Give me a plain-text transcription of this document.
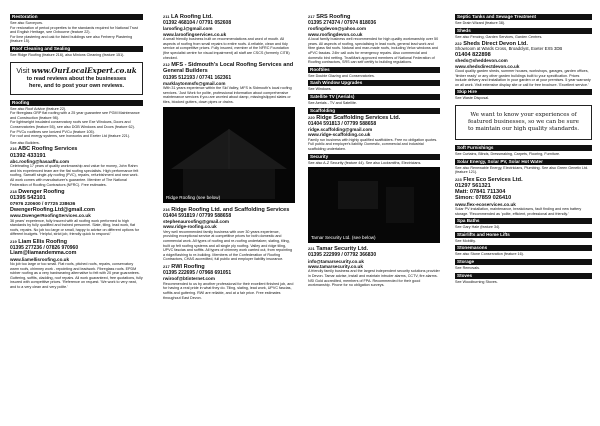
Restoration
See also Surveyors.
For restoration of period properties to the standards required for National Trust and English Heritage, see Oxbourne (feature 22).
For lime plastering and oak for listed buildings see also Ferberry Plastering (feature 15).
Roof Cleaning and Sealing
See Ridge Roofing (feature 216), also Minions Cleaning (feature 151).
Visit www.OurLocalExpert.co.uk
to read reviews about the businesses
here, and to post your own reviews.
Roofing
See also Roof Advice (feature 22).
For fibreglass GRP flat roofing with a 25 year guarantee see PGM Maintenance and Construction (feature 98).
For lightweight insulated conservatory roofs see Exe Windows, Doors and Conservatories (feature 55), see also DGB Windows and Doors (feature 62).
For PVCu rooflines see Ionized PVCu (feature 105).
For roof and energy systems, see Ironworks and Exeter Ltd (feature 221).
See also Builders.
216 ABC Roofing Services
01392 433191
abc.roofing@hasaaffu.com
Celebrating 17 years of quality workmanship and value for money, John Rahm and his experienced team are the flat roofing specialists. High performance felt roofing, Sarnafil single-ply roofing (PVC), repairs, refurbishment and new work. All work comes with manufacturer's guarantee. Member of The National Federation of Roofing Contractors (NFRC). Free estimates.
218 Dwenger Roofing
01395 542101
07976 220600 / 07725 238636
DwengerRoofing.Ltd@gmail.com
www.DwengerRoofingServices.co.uk
36 years' experience, fully insured with all roofing work performed to high standards by fully qualified and trained personnel. Slate, tiling, lead work, flat roofs, repairs. No job too large or small, happy to advise on different options for different budgets. 'Helpful, strict job, friendly quick to respond.'
219 Liam Ellis Roofing
01395 277236 / 07826 970960
Liam@liamandemma.com
www.liamellisroofing.co.uk
No job too large or too small. Flat roofs, pitched roofs, repairs, conservatory warm roofs, chimney work - repointing and leadwork. Fibreglass roofs. EPDM rubber roofing as a very hardwearing alternative to felt with 20 year guarantees. Guttering, soffits, cladding, roof repairs. All work guaranteed, free quotations, fully insured with competitive prices. 'Reference on request. 'We work to very neat, and to a very clean and very polite.'
211 LA Roofing Ltd.
01392 468104 / 07791 052608
laroofing.l@gmail.com
www.laroofingservices.co.uk
A small friendly business built on recommendations and word of mouth. All aspects of roofing from small repairs to entire roofs. A reliable, clean and tidy service at competitive prices. Fully insured, member of the NFRC Foundation (the specialist centre for visual impairment) all staff are CSCS (formerly CITB) checked.
212 MFS - Sidmouth's Local Roofing Services and General Builders
01395 512193 / 07741 162361
marklaytonmsfs@gmail.com
With 31 years experience within the Sid Valley, MFS is Sidmouth's local roofing services. 'Just Work for polite, professional information about comprehensive maintenance services if you are worried about damp, missing/slipped slates or tiles, blocked gutters, down pipes or drains.
Ridge Roofing (see below)
216 Ridge Roofing Ltd. and Scaffolding Services
01404 591819 / 07799 588658
stephenauroofing@gmail.com
www.ridge-roofing.co.uk
Very well recommended family business with over 30 years experience, providing exceptional service at competitive prices for both domestic and commercial work. All types of roofing and re-roofing undertaken; slating, tiling, built up felt roofing systems and all single ply roofing. Valley and ridge tiling, UPVC fascias and soffits. All types of chimney work carried out, from repointing a ridge/flashing to re-building. Members of the Confederation of Roofing Contractors, CHAS accredited, full public and employer liability insurance.
217 RWI Roofing
01395 222695 / 07968 691051
rwiroof@btinternet.com
Recommended to us by another professional for their excellent finished job, and for having a real pride in what they do. Tiling, slating, lead work, UPVC fascias, soffits and guttering. RWI are reliable, and at a fair price. Free estimates throughout East Devon.
217 SRS Roofing
01395 274374 / 07974 818036
roofingdevon@yahoo.com
www.roofingdevon.co.uk
A local family business well recommended for high quality workmanship over 50 years. All aspects of roofing, specialising in lead roofs, general lead work and fibre glass flat roofs. Natural and man-made roofs, including Velux windows and uPVC fascias. 24hr call outs for emergency repairs. Also commercial and domestic bird netting. TrustMark approved members of National Federation of Roofing contractors, SRS can self certify to building regulations.
Rooftiles
See Double Glazing and Conservatories.
Sash Window Upgrades
See Windows.
Satellite TV (Aerials)
See Aerials - TV and Satellite.
Scaffolding
220 Ridge Scaffolding Services Ltd.
01404 591813 / 07799 588658
ridge.scaffolding@gmail.com
www.ridge-scaffolding.co.uk
Family run business with highly qualified scaffolders. Free no obligation quotes. Full public and employer's liability. Domestic, commercial and industrial scaffolding undertaken.
Security
See also A-Z Security (feature 44). See also Locksmiths, Electricians.
Tamar Security Ltd. (see below)
221 Tamar Security Ltd.
01395 222999 / 07792 366830
info@tamarsecurity.co.uk
www.tamarsecurity.co.uk
A friendly family business and the largest independent security solutions provider in Devon. Tamar advise, install and maintain intruder alarms, CCTV, fire alarms. NSI Gold accredited, members of FPA. Recommended for their good workmanship. Phone for no obligation surveys.
Septic Tanks and Sewage Treatment
See Drain Wizard (feature 38).
Sheds
See also Fencing, Garden Services, Garden Centres.
222 Sheds Direct Devon Ltd.
Showroom at Wards Cross, Broadclyst, Exeter EX5 3DB
01404 822898
sheds@sheddevon.com
www.shedsdirectdevon.co.uk
Good quality garden sheds, summer houses, workshops, garages, garden offices, 'timber ready' or any other garden buildings built to your specification. Prices include delivery and installation in your garden or at your premises. 5 year warranty on all work. Visit extensive display site or call for free brochure. 'Excellent service.'
Skip Hire
See Waste Disposal.
We want to know your experiences of
featured businesses, so we can be sure
to maintain our high quality standards.
Soft Furnishings
See Curtains, Blinds, Dressmaking, Carpets, Flooring, Furniture.
Solar Energy, Solar PV, Solar Hot Water
See also Renewable Energy, Electricians, Plumbing. See also Green Genetix Ltd. (feature 121).
223 Flex Eco Services Ltd.
01297 561321
Matt: 07841 711304
Simon: 07859 026410
www.flex-ecoservices.co.uk
Solar PV installation, maintenance, breakdowns, fault finding and new battery storage. 'Recommended as 'polite, efficient, professional and friendly.'
Spa Baths
See Gary Hale (feature 34).
Stairlifts and Home Lifts
See Mobility.
Stonemasons
See also Stone Conservation (feature 16).
Storage
See Removals.
Stoves
See Woodburning Stoves.
